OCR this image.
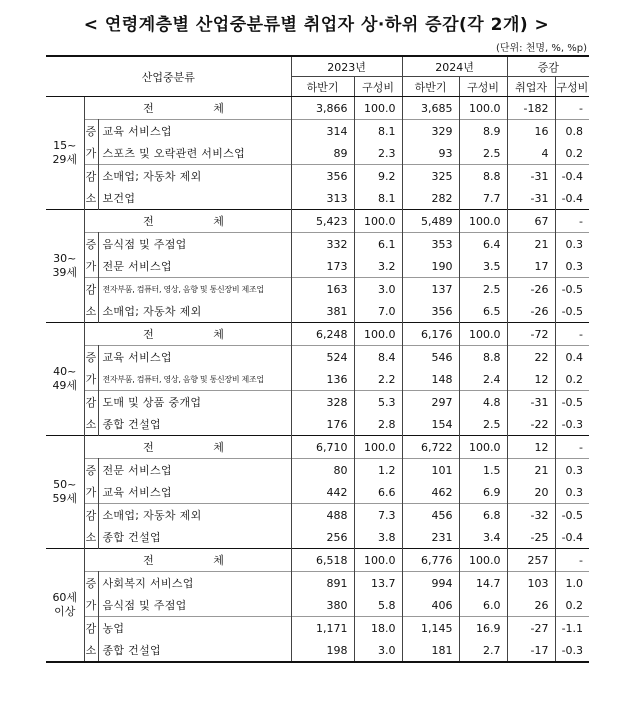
< 연령계층별 산업중분류별 취업자 상·하위 증감(각 2개) >
(단위: 천명, %, %p)
산업중분류			2023년		2024년		증감	
			하반기	구성비	하반기	구성비	취업자	구성비

15~
29세	전 체		3,866	100.0	3,685	100.0	-182	-
	증	교육 서비스업	314	8.1	329	8.9	16	0.8
	가	스포츠 및 오락관련 서비스업	89	2.3	93	2.5	4	0.2
	감	소매업; 자동차 제외	356	9.2	325	8.8	-31	-0.4
	소	보건업	313	8.1	282	7.7	-31	-0.4

30~
39세	전 체		5,423	100.0	5,489	100.0	67	-
	증	음식점 및 주점업	332	6.1	353	6.4	21	0.3
	가	전문 서비스업	173	3.2	190	3.5	17	0.3
	감	전자부품, 컴퓨터, 영상, 음향 및 통신장비 제조업	163	3.0	137	2.5	-26	-0.5
	소	소매업; 자동차 제외	381	7.0	356	6.5	-26	-0.5

40~
49세	전 체		6,248	100.0	6,176	100.0	-72	-
	증	교육 서비스업	524	8.4	546	8.8	22	0.4
	가	전자부품, 컴퓨터, 영상, 음향 및 통신장비 제조업	136	2.2	148	2.4	12	0.2
	감	도매 및 상품 중개업	328	5.3	297	4.8	-31	-0.5
	소	종합 건설업	176	2.8	154	2.5	-22	-0.3

50~
59세	전 체		6,710	100.0	6,722	100.0	12	-
	증	전문 서비스업	80	1.2	101	1.5	21	0.3
	가	교육 서비스업	442	6.6	462	6.9	20	0.3
	감	소매업; 자동차 제외	488	7.3	456	6.8	-32	-0.5
	소	종합 건설업	256	3.8	231	3.4	-25	-0.4

60세
이상	전 체		6,518	100.0	6,776	100.0	257	-
	증	사회복지 서비스업	891	13.7	994	14.7	103	1.0
	가	음식점 및 주점업	380	5.8	406	6.0	26	0.2
	감	농업	1,171	18.0	1,145	16.9	-27	-1.1
	소	종합 건설업	198	3.0	181	2.7	-17	-0.3
